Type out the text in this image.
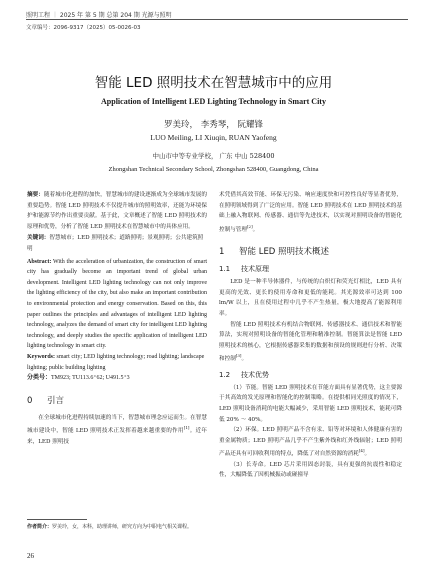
照明工程 ｜ 2025 年 第 5 期 总第 204 期 光源与照明
文章编号：2096-9317（2025）05-0026-03
智能 LED 照明技术在智慧城市中的应用
Application of Intelligent LED Lighting Technology in Smart City
罗美玲， 李秀琴， 阮耀锋
LUO Meiling, LI Xiuqin, RUAN Yaofeng
中山市中等专业学校， 广东 中山 528400
Zhongshan Technical Secondary School, Zhongshan 528400, Guangdong, China
摘要：随着城市化进程的加快，智慧城市的建设逐渐成为全球城市发展的重要趋势。智能 LED 照明技术不仅提升城市的照明效率，还能为环境保护和能源节约作出重要贡献。基于此，文章概述了智能 LED 照明技术的原理和优势，分析了智能 LED 照明技术在智慧城市中的具体应用。
关键词：智慧城市；LED 照明技术；道路照明；景观照明；公共建筑照明
Abstract: With the acceleration of urbanization, the construction of smart city has gradually become an important trend of global urban development. Intelligent LED lighting technology can not only improve the lighting efficiency of the city, but also make an important contribution to environmental protection and energy conservation. Based on this, this paper outlines the principles and advantages of intelligent LED lighting technology, analyzes the demand of smart city for intelligent LED lighting technology, and deeply studies the specific application of intelligent LED lighting technology in smart city.
Keywords: smart city; LED lighting technology; road lighting; landscape lighting; public building lighting
分类号：TM923; TU113.6⁺62; U491.5⁺3
0 引言
在全球城市化进程持续加速的当下，智慧城市理念应运而生。在智慧城市建设中，智能 LED 照明技术正发挥着越来越重要的作用[1]。近年来，LED 照明技
术凭借其高效节能、环保无污染、响应速度快和可控性良好等显著优势，在照明领域得到了广泛的应用。智能 LED 照明技术在 LED 照明技术的基础上融入物联网、传感器、通信等先进技术，以实现对照明设备的智能化控制与管理[2]。
1 智能 LED 照明技术概述
1.1 技术原理
LED 是一种半导体器件，与传统的白炽灯和荧光灯相比，LED 具有更高的光效、更长的使用寿命和更低的能耗。其光源效率可达到 100 lm/W 以上，且在使用过程中几乎不产生热量，极大地提高了能源利用率。
智能 LED 照明技术有机结合物联网、传感器技术、通信技术和智能算法，实现对照明设备的智能化管理和精准控制。智能算法是智能 LED 照明技术的核心，它根据传感器采集的数据和预设的规则进行分析、决策和控制[3]。
1.2 技术优势
（1）节能。智能 LED 照明技术在节能方面具有显著优势，这主要源于其高效的发光原理和智能化的控制策略。在提供相同光照度的情况下，LED 照明设备消耗的电能大幅减少，采用智能 LED 照明技术，能耗可降低 20% ～ 40%。
（2）环保。LED 照明产品不含有汞、铅等对环境和人体健康有害的重金属物质；LED 照明产品几乎不产生紫外线和红外线辐射；LED 照明产品还具有可回收利用的特点，降低了对自然资源的消耗[4]。
（3）长寿命。LED 芯片采用固态封装，具有更强的抗震性和稳定性，大幅降低了因机械振动或碰撞导
作者简介：罗美玲，女，本科，助理讲师，研究方向为中职电气相关课程。
26
